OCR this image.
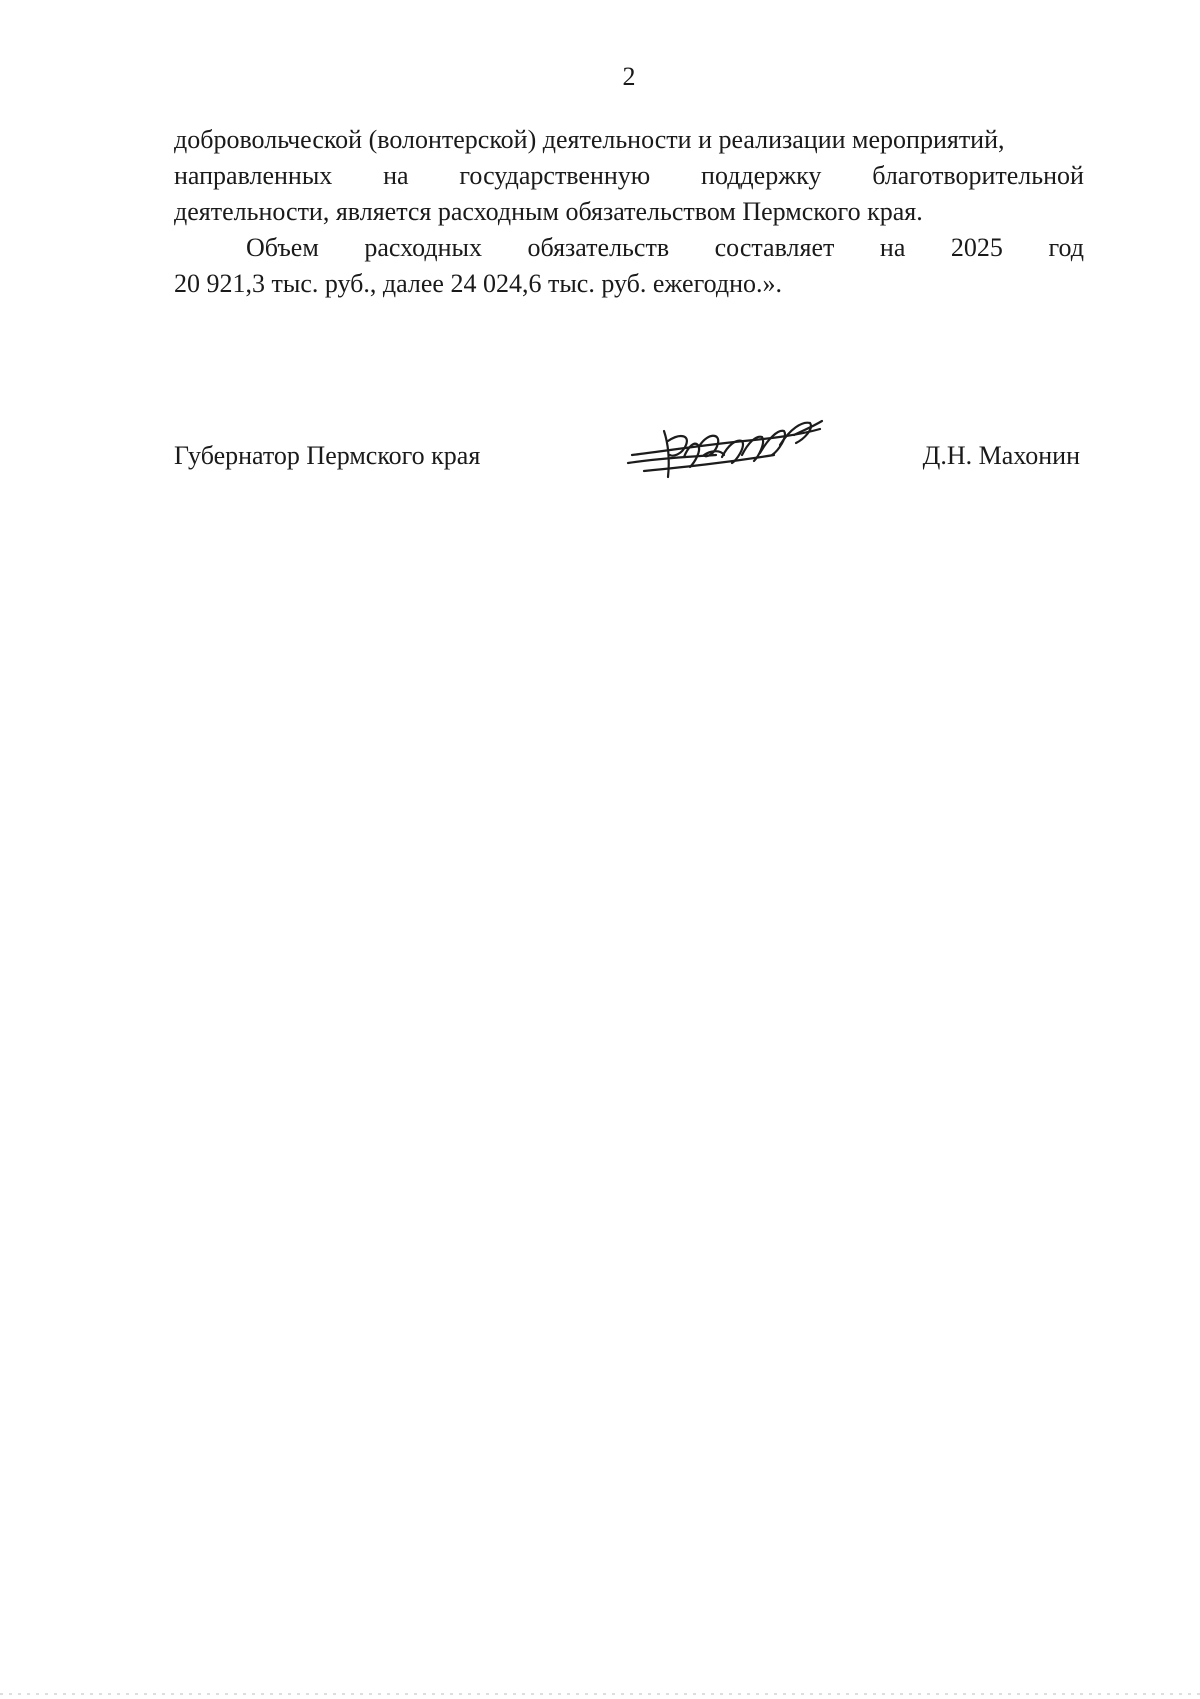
2
добровольческой (волонтерской) деятельности и реализации мероприятий,
направленных на государственную поддержку благотворительной
деятельности, является расходным обязательством Пермского края.
Объем расходных обязательств составляет на 2025 год
20 921,3 тыс. руб., далее 24 024,6 тыс. руб. ежегодно.».
Губернатор Пермского края	Д.Н. Махонин
